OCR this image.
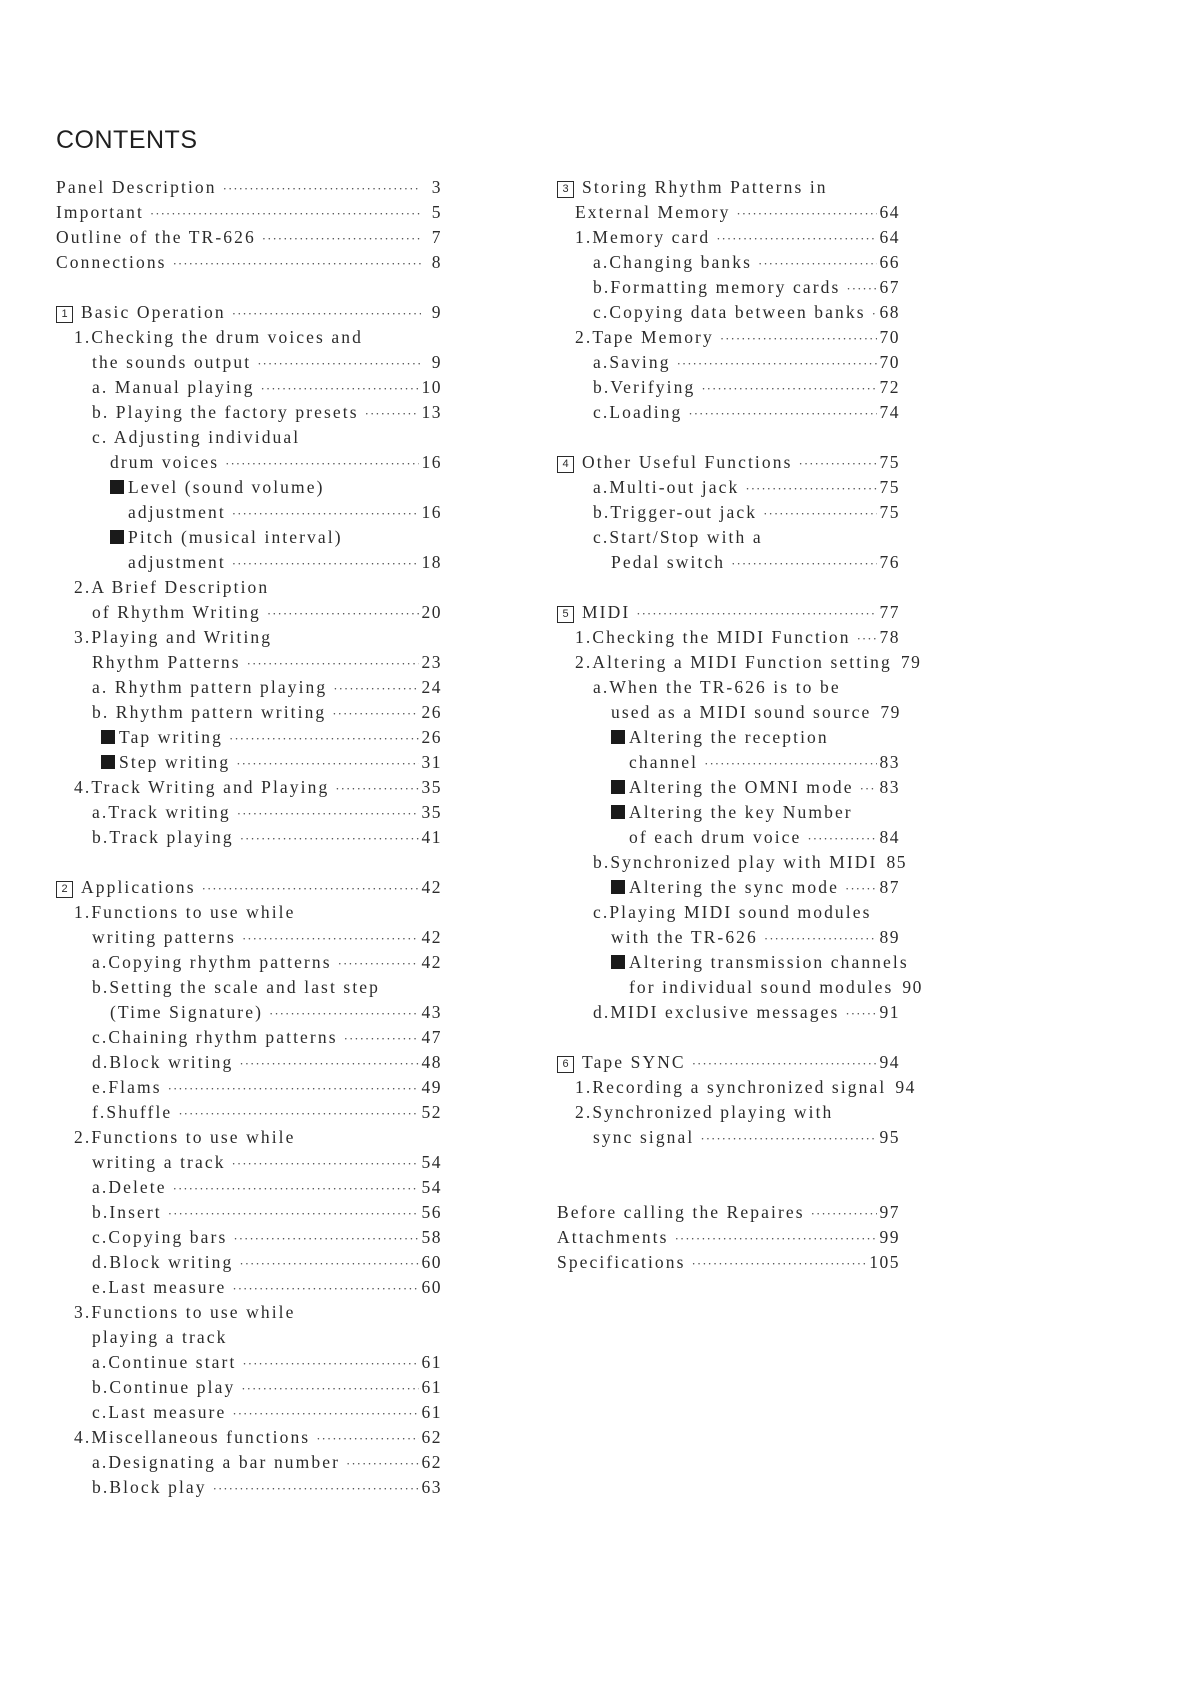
CONTENTS
Panel Description ·····	3
Important ·····	5
Outline of the TR-626 ·····	7
Connections ·····	8
1 Basic Operation ·····	9
1.Checking the drum voices and
the sounds output ·····	9
a. Manual playing ·····	10
b. Playing the factory presets ·····	13
c. Adjusting individual
drum voices ·····	16
Level (sound volume)
adjustment ·····	16
Pitch (musical interval)
adjustment ·····	18
2.A Brief Description
of Rhythm Writing ·····	20
3.Playing and Writing
Rhythm Patterns ·····	23
a. Rhythm pattern playing ·····	24
b. Rhythm pattern writing ·····	26
Tap writing ·····	26
Step writing ·····	31
4.Track Writing and Playing ·····	35
a.Track writing ·····	35
b.Track playing ·····	41
2 Applications ·····	42
1.Functions to use while
writing patterns ·····	42
a.Copying rhythm patterns ·····	42
b.Setting the scale and last step
(Time Signature) ·····	43
c.Chaining rhythm patterns ·····	47
d.Block writing ·····	48
e.Flams ·····	49
f.Shuffle ·····	52
2.Functions to use while
writing a track ·····	54
a.Delete ·····	54
b.Insert ·····	56
c.Copying bars ·····	58
d.Block writing ·····	60
e.Last measure ·····	60
3.Functions to use while
playing a track
a.Continue start ·····	61
b.Continue play ·····	61
c.Last measure ·····	61
4.Miscellaneous functions ·····	62
a.Designating a bar number ·····	62
b.Block play ·····	63
3 Storing Rhythm Patterns in
External Memory ·····	64
1.Memory card ·····	64
a.Changing banks ·····	66
b.Formatting memory cards ····· 67
c.Copying data between banks ····· 68
2.Tape Memory ·····	70
a.Saving ·····	70
b.Verifying ·····	72
c.Loading ·····	74
4 Other Useful Functions ·····	75
a.Multi-out jack ·····	75
b.Trigger-out jack ·····	75
c.Start/Stop with a
Pedal switch ·····	76
5 MIDI ·····	77
1.Checking the MIDI Function ····· 78
2.Altering a MIDI Function setting 79
a.When the TR-626 is to be
used as a MIDI sound source 79
Altering the reception
channel ·····	83
Altering the OMNI mode ····· 83
Altering the key Number
of each drum voice ·····	84
b.Synchronized play with MIDI 85
Altering the sync mode ····· 87
c.Playing MIDI sound modules
with the TR-626 ·····	89
Altering transmission channels
for individual sound modules 90
d.MIDI exclusive messages ····· 91
6 Tape SYNC ·····	94
1.Recording a synchronized signal 94
2.Synchronized playing with
sync signal ·····	95
Before calling the Repaires ·····	97
Attachments ·····	99
Specifications ·····	105
